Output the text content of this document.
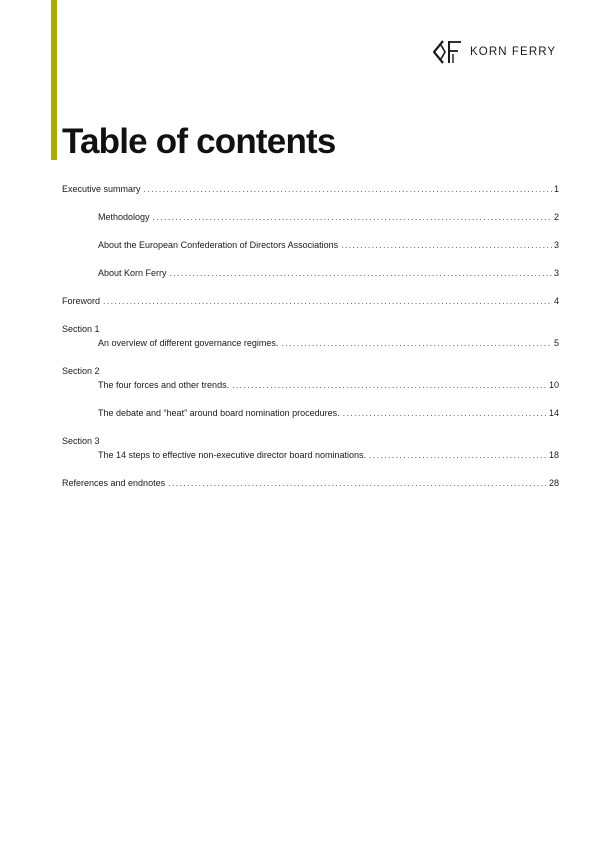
KORN FERRY
Table of contents
Executive summary . . .	1
Methodology . . .	2
About the European Confederation of Directors Associations . . .	3
About Korn Ferry . . .	3
Foreword . . .	4
Section 1
An overview of different governance regimes. . . .	5
Section 2
The four forces and other trends. . . .	10
The debate and “heat” around board nomination procedures. . . .	14
Section 3
The 14 steps to effective non-executive director board nominations. . . .	18
References and endnotes . . .	28
